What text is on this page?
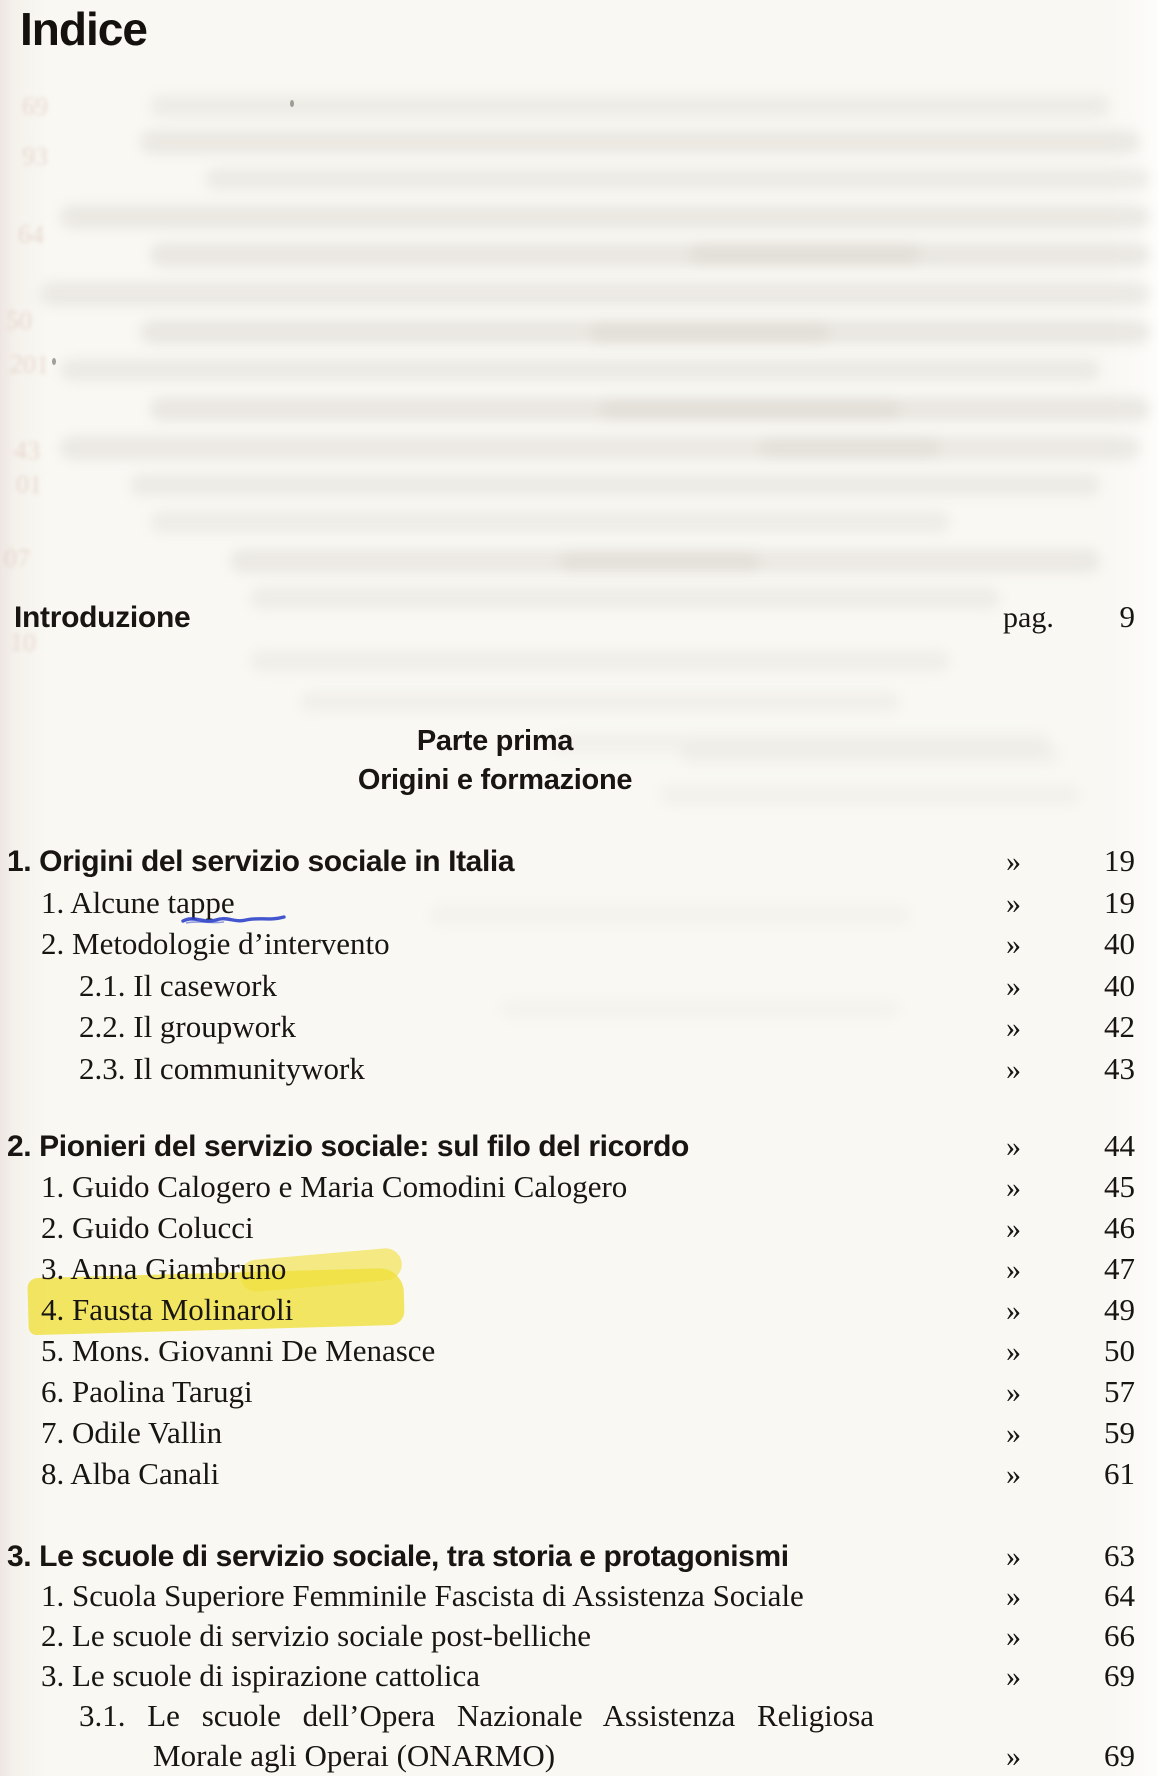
69
93
64
50
201
43
01
07
10
Indice
Introduzione	pag.	9
Parte prima
Origini e formazione
1. Origini del servizio sociale in Italia	»	19
1. Alcune tappe	»	19
2. Metodologie d’intervento	»	40
2.1. Il casework	»	40
2.2. Il groupwork	»	42
2.3. Il communitywork	»	43
2. Pionieri del servizio sociale: sul filo del ricordo	»	44
1. Guido Calogero e Maria Comodini Calogero	»	45
2. Guido Colucci	»	46
3. Anna Giambruno	»	47
4. Fausta Molinaroli	»	49
5. Mons. Giovanni De Menasce	»	50
6. Paolina Tarugi	»	57
7. Odile Vallin	»	59
8. Alba Canali	»	61
3. Le scuole di servizio sociale, tra storia e protagonismi	»	63
1. Scuola Superiore Femminile Fascista di Assistenza Sociale	»	64
2. Le scuole di servizio sociale post-belliche	»	66
3. Le scuole di ispirazione cattolica	»	69
3.1. Le scuole dell’Opera Nazionale Assistenza Religiosa
Morale agli Operai (ONARMO)	»	69
